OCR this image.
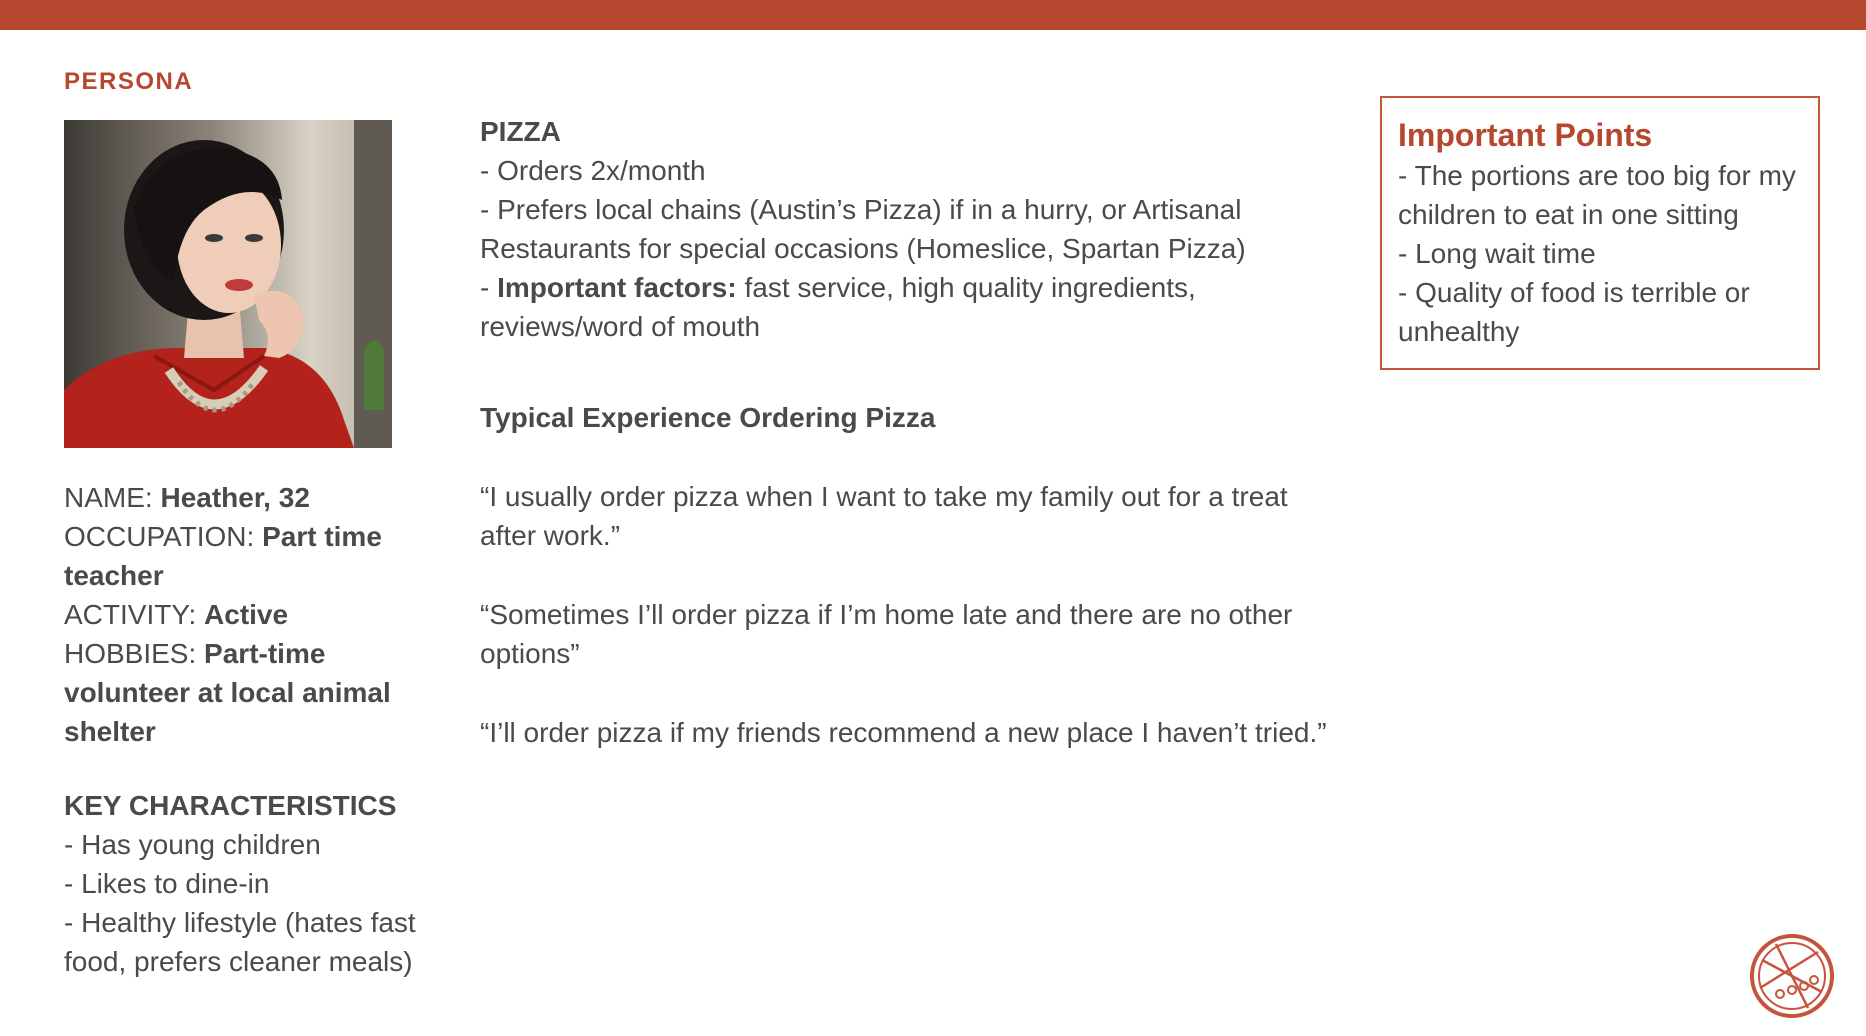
PERSONA
NAME: Heather, 32
OCCUPATION: Part time teacher
ACTIVITY: Active
HOBBIES: Part-time volunteer at local animal shelter
KEY CHARACTERISTICS
- Has young children
- Likes to dine-in
- Healthy lifestyle (hates fast food, prefers cleaner meals)
PIZZA
- Orders 2x/month
- Prefers local chains (Austin’s Pizza) if in a hurry, or Artisanal Restaurants for special occasions (Homeslice, Spartan Pizza)
- Important factors: fast service, high quality ingredients, reviews/word of mouth
Typical Experience Ordering Pizza
“I usually order pizza when I want to take my family out for a treat after work.”
“Sometimes I’ll order pizza if I’m home late and there are no other options”
“I’ll order pizza if my friends recommend a new place I haven’t tried.”
Important Points
- The portions are too big for my children to eat in one sitting
- Long wait time
- Quality of food is terrible or unhealthy
